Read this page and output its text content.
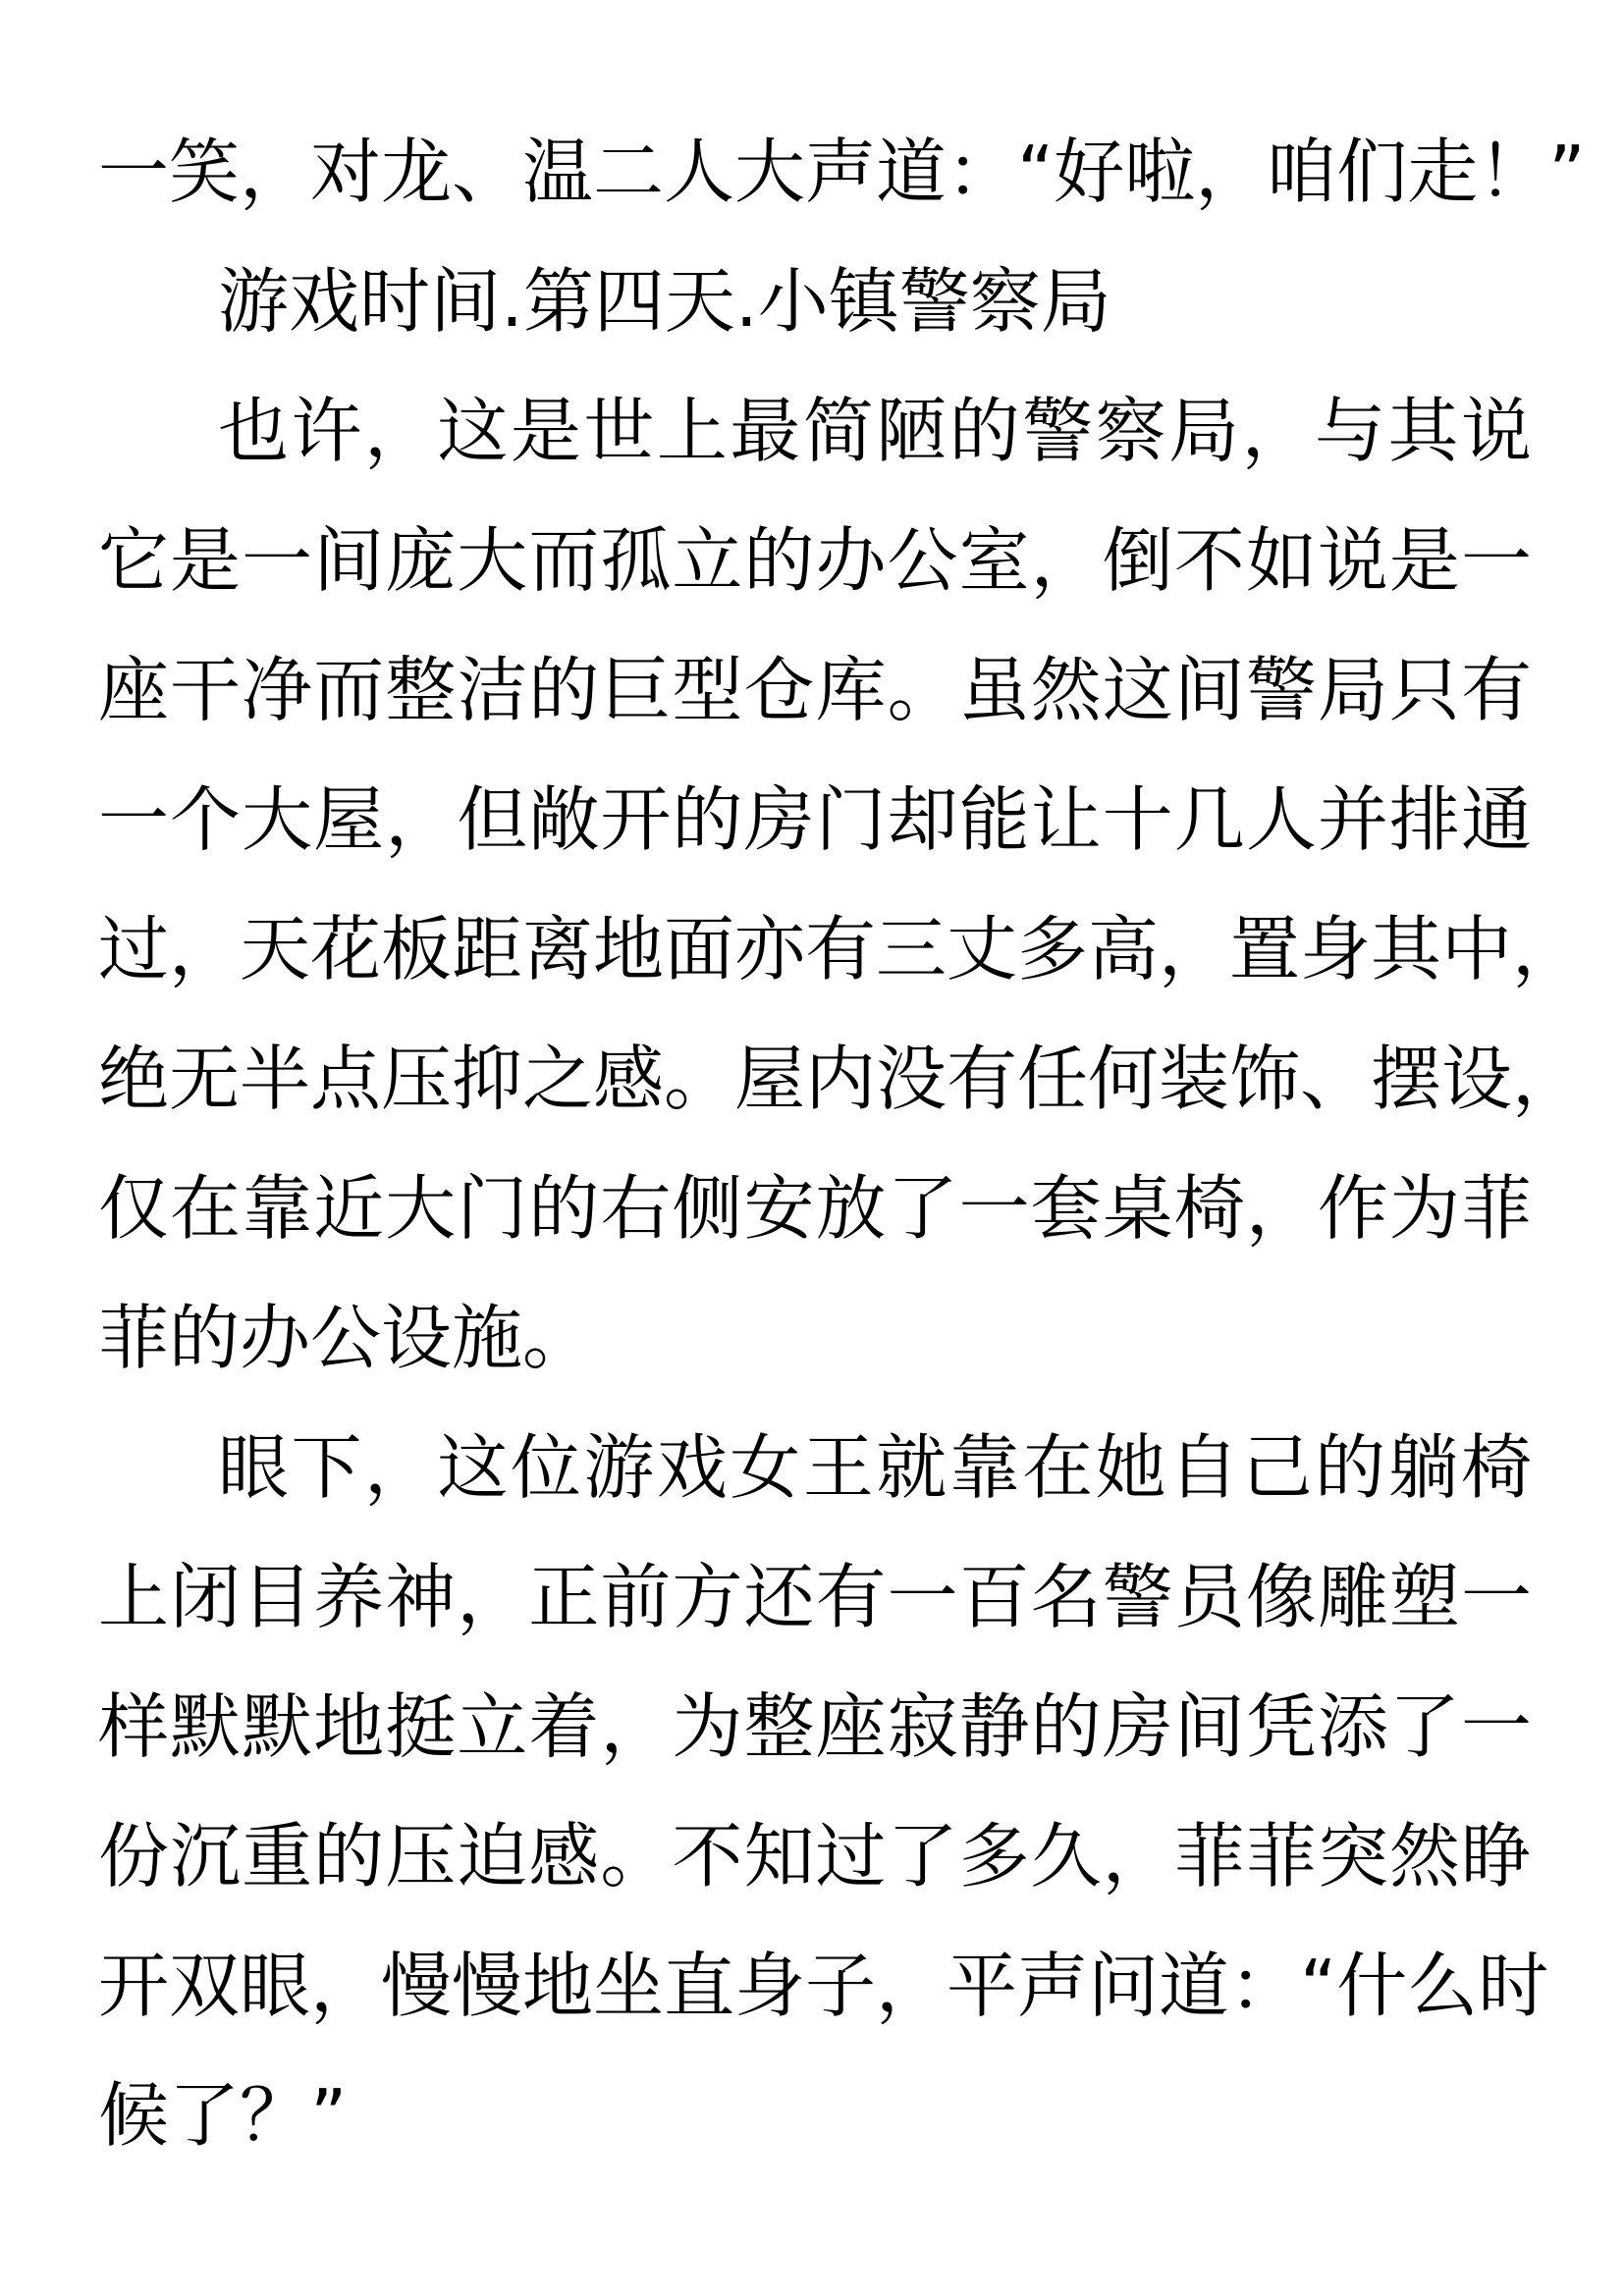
一笑，对龙、温二人大声道：“好啦，咱们走！”
游戏时间.第四天.小镇警察局
也许，这是世上最简陋的警察局，与其说
它是一间庞大而孤立的办公室，倒不如说是一
座干净而整洁的巨型仓库。虽然这间警局只有
一个大屋，但敞开的房门却能让十几人并排通
过，天花板距离地面亦有三丈多高，置身其中，
绝无半点压抑之感。屋内没有任何装饰、摆设，
仅在靠近大门的右侧安放了一套桌椅，作为菲
菲的办公设施。
眼下，这位游戏女王就靠在她自己的躺椅
上闭目养神，正前方还有一百名警员像雕塑一
样默默地挺立着，为整座寂静的房间凭添了一
份沉重的压迫感。不知过了多久，菲菲突然睁
开双眼，慢慢地坐直身子，平声问道：“什么时
候了？”
